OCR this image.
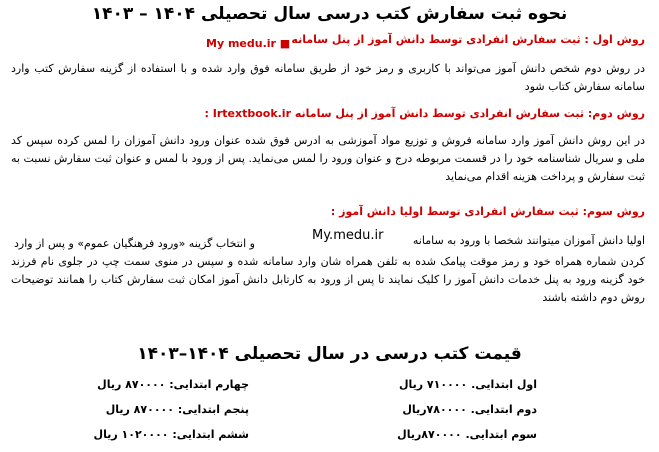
نحوه ثبت سفارش کتب درسی سال تحصیلی ۱۴۰۴ – ۱۴۰۳

روش اول : ثبت سفارش انفرادی توسط دانش آموز از پنل سامانه

My medu.ir ■

در روش دوم شخص دانش آموز می‌تواند با کاربری و رمز خود از طریق سامانه فوق وارد شده و با استفاده از گزینه سفارش کتب وارد سامانه سفارش کتاب شود

روش دوم: ثبت سفارش انفرادی توسط دانش آموز از پنل سامانه Irtextbook.ir :

در این روش دانش آموز وارد سامانه فروش و توزیع مواد آموزشی به ادرس فوق شده عنوان ورود دانش آموزان را لمس کرده سپس کد ملی و سریال شناسنامه خود را در قسمت مربوطه درج و عنوان ورود را لمس می‌نماید. پس از ورود با لمس و عنوان ثبت سفارش نسبت به ثبت سفارش و پرداخت هزینه اقدام می‌نماید

روش سوم: ثبت سفارش انفرادی توسط اولیا دانش آموز :

اولیا دانش آموزان میتوانند شخصا با ورود به سامانه

My.medu.ir

و انتخاب گزینه «ورود فرهنگیان عموم» و پس از وارد

کردن شماره همراه خود و رمز موقت پیامک شده به تلفن همراه شان وارد سامانه شده و سپس در منوی سمت چپ در جلوی نام فرزند خود گزینه ورود به پنل خدمات دانش آموز را کلیک نمایند تا پس از ورود به کارتابل دانش آموز امکان ثبت سفارش کتاب را همانند توضیحات روش دوم داشته باشند

قیمت کتب درسی در سال تحصیلی ۱۴۰۴–۱۴۰۳

اول ابتدایی. ۷۱۰۰۰۰ ریال

چهارم ابتدایی: ۸۷۰۰۰۰ ریال

دوم ابتدایی. ۷۸۰۰۰۰ریال

پنجم ابتدایی: ۸۷۰۰۰۰ ریال

سوم ابتدایی. ۸۷۰۰۰۰ریال

ششم ابتدایی: ۱۰۲۰۰۰۰ ریال
